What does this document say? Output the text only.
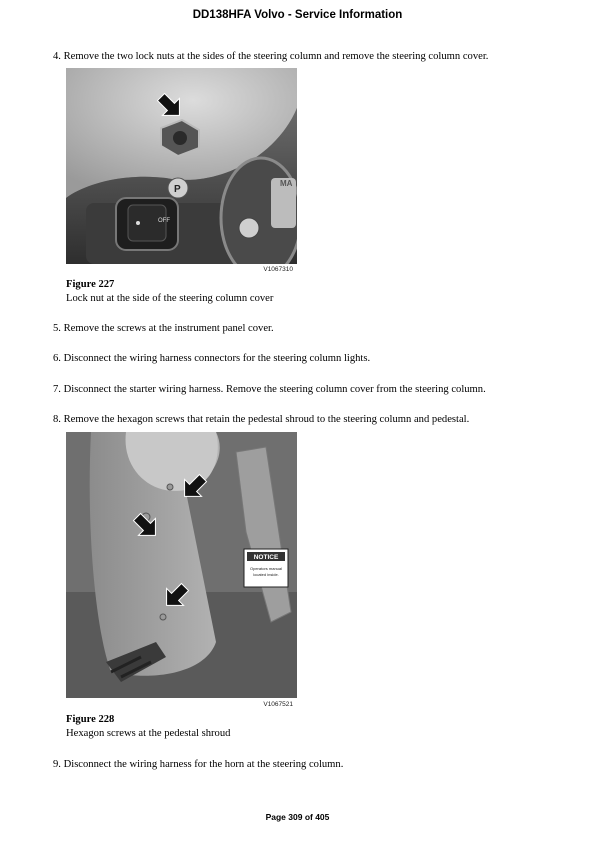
DD138HFA Volvo - Service Information
4. Remove the two lock nuts at the sides of the steering column and remove the steering column cover.
OFF
P
MA
V1067310
Figure 227
Lock nut at the side of the steering column cover
5. Remove the screws at the instrument panel cover.
6. Disconnect the wiring harness connectors for the steering column lights.
7. Disconnect the starter wiring harness. Remove the steering column cover from the steering column.
8. Remove the hexagon screws that retain the pedestal shroud to the steering column and pedestal.
NOTICE
Operators manual
located inside.
V1067521
Figure 228
Hexagon screws at the pedestal shroud
9. Disconnect the wiring harness for the horn at the steering column.
Page 309 of 405
